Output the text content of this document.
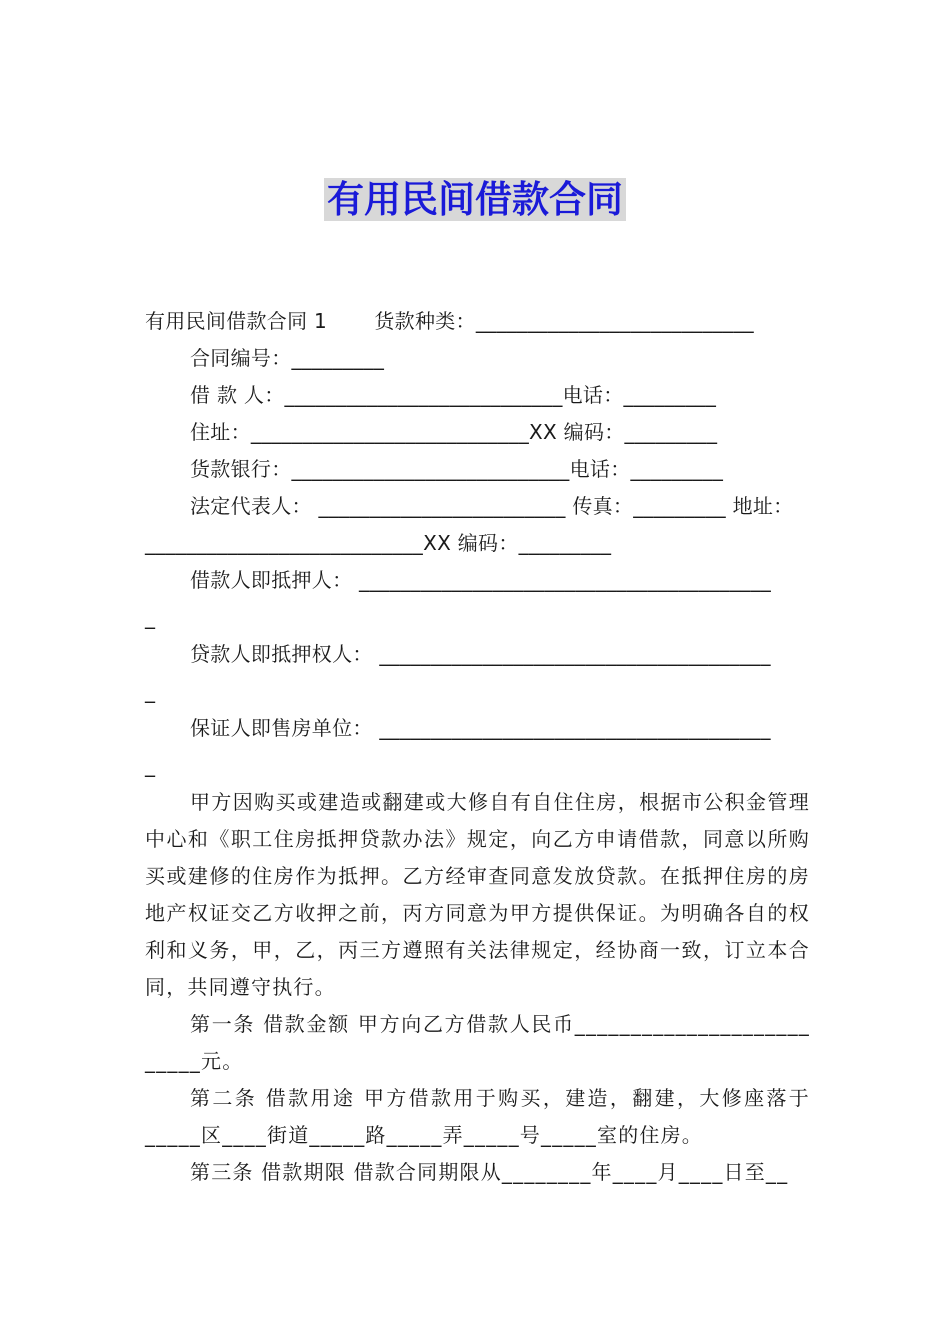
有用民间借款合同
有用民间借款合同 1　　 货款种类：___________________________
合同编号：_________
借 款 人：___________________________电话：_________
住址：___________________________XX 编码：_________
货款银行：___________________________电话：_________
法定代表人： ________________________ 传真：_________ 地址：
___________________________XX 编码：_________
借款人即抵押人： ________________________________________
_
贷款人即抵押权人： ______________________________________
_
保证人即售房单位： ______________________________________
_
甲方因购买或建造或翻建或大修自有自住住房，根据市公积金管理中心和《职工住房抵押贷款办法》规定，向乙方申请借款，同意以所购买或建修的住房作为抵押。乙方经审查同意发放贷款。在抵押住房的房地产权证交乙方收押之前，丙方同意为甲方提供保证。为明确各自的权利和义务，甲，乙，丙三方遵照有关法律规定，经协商一致，订立本合同，共同遵守执行。
第一条 借款金额 甲方向乙方借款人民币_____________________ _____元。
第二条 借款用途 甲方借款用于购买，建造，翻建，大修座落于_____区____街道_____路_____弄_____号_____室的住房。
第三条 借款期限 借款合同期限从________年____月____日至__
